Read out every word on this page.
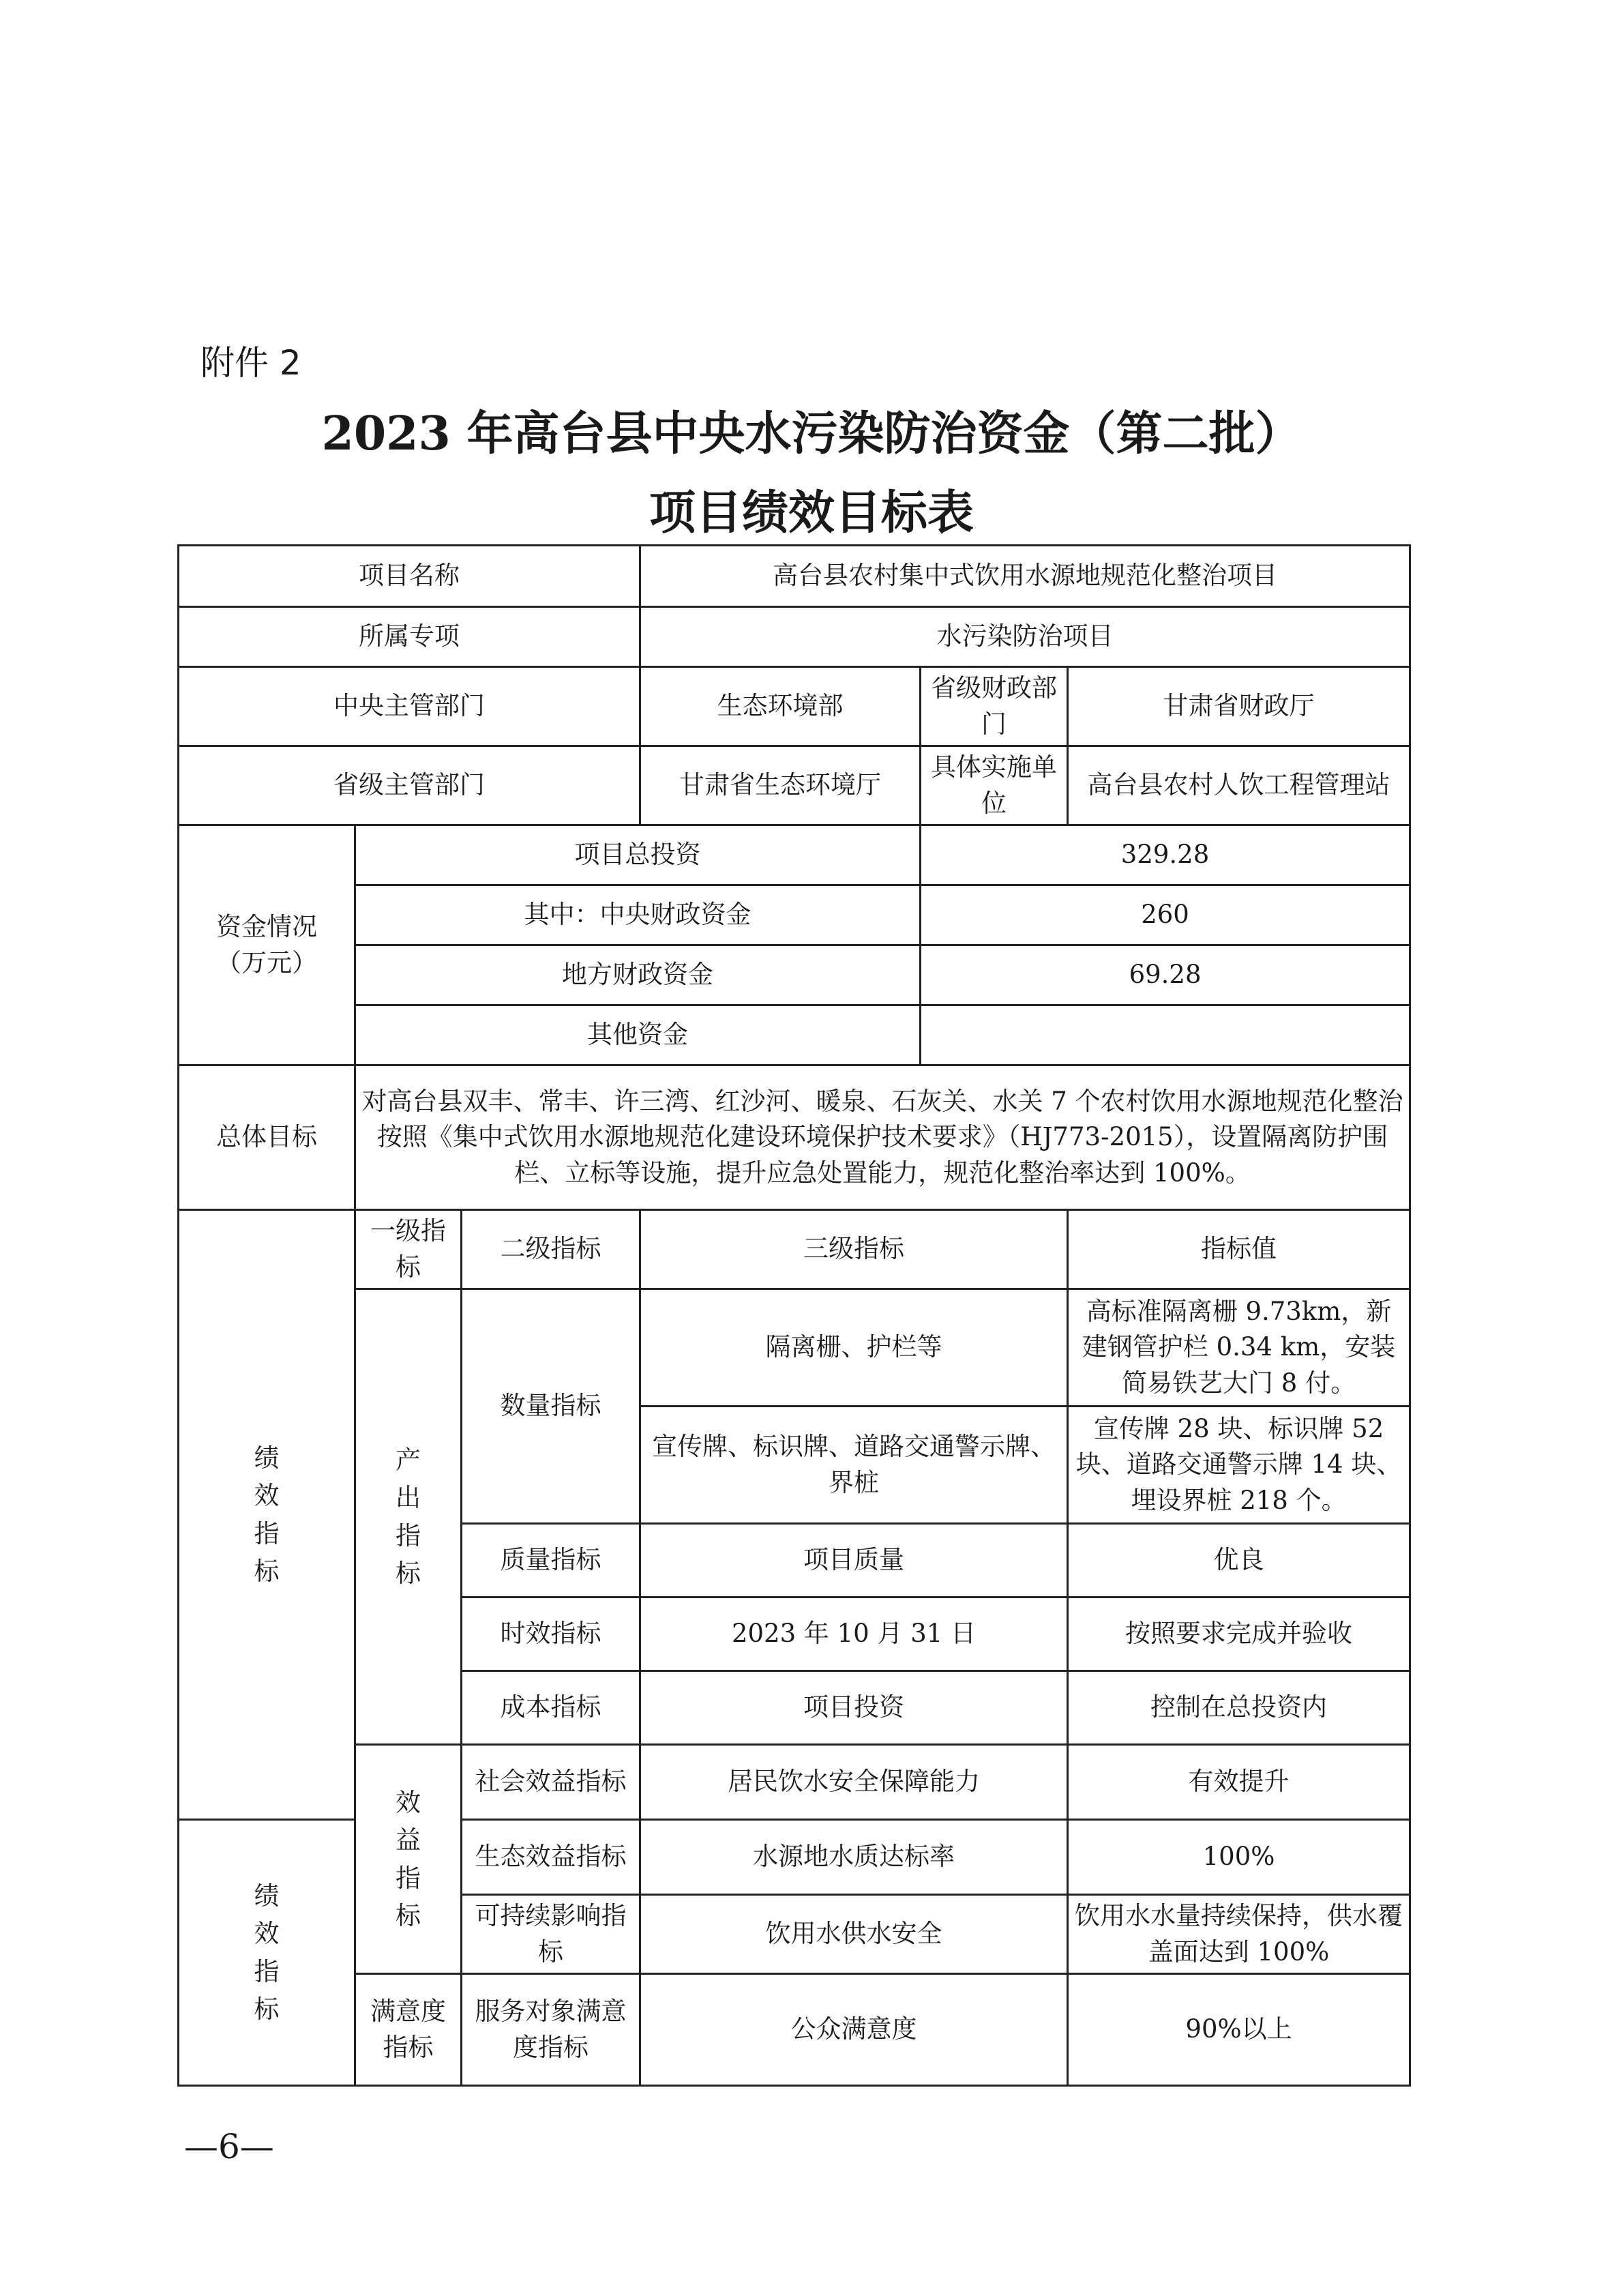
附件 2
2023 年高台县中央水污染防治资金（第二批）
项目绩效目标表
项目名称			高台县农村集中式饮用水源地规范化整治项目		
所属专项			水污染防治项目		
中央主管部门			生态环境部	省级财政部门	甘肃省财政厅
省级主管部门			甘肃省生态环境厅	具体实施单位	高台县农村人饮工程管理站

资金情况
（万元）	项目总投资			329.28	
	其中：中央财政资金			260	
	地方财政资金			69.28	
	其他资金				
总体目标	对高台县双丰、常丰、许三湾、红沙河、暖泉、石灰关、水关 7 个农村饮用水源地规范化整治按照《集中式饮用水源地规范化建设环境保护技术要求》（HJ773-2015），设置隔离防护围栏、立标等设施，提升应急处置能力，规范化整治率达到 100%。				
绩效指标	一级指标	二级指标	三级指标		指标值
	产出指标	数量指标	隔离栅、护栏等		高标准隔离栅 9.73km，新建钢管护栏 0.34 km，安装简易铁艺大门 8 付。
			宣传牌、标识牌、道路交通警示牌、界桩		宣传牌 28 块、标识牌 52 块、道路交通警示牌 14 块、埋设界桩 218 个。
		质量指标	项目质量		优良
		时效指标	2023 年 10 月 31 日		按照要求完成并验收
		成本指标	项目投资		控制在总投资内
	效益指标	社会效益指标	居民饮水安全保障能力		有效提升
绩效指标		生态效益指标	水源地水质达标率		100%
		可持续影响指标	饮用水供水安全		饮用水水量持续保持，供水覆盖面达到 100%
	满意度指标	服务对象满意度指标	公众满意度		90%以上
—6—
